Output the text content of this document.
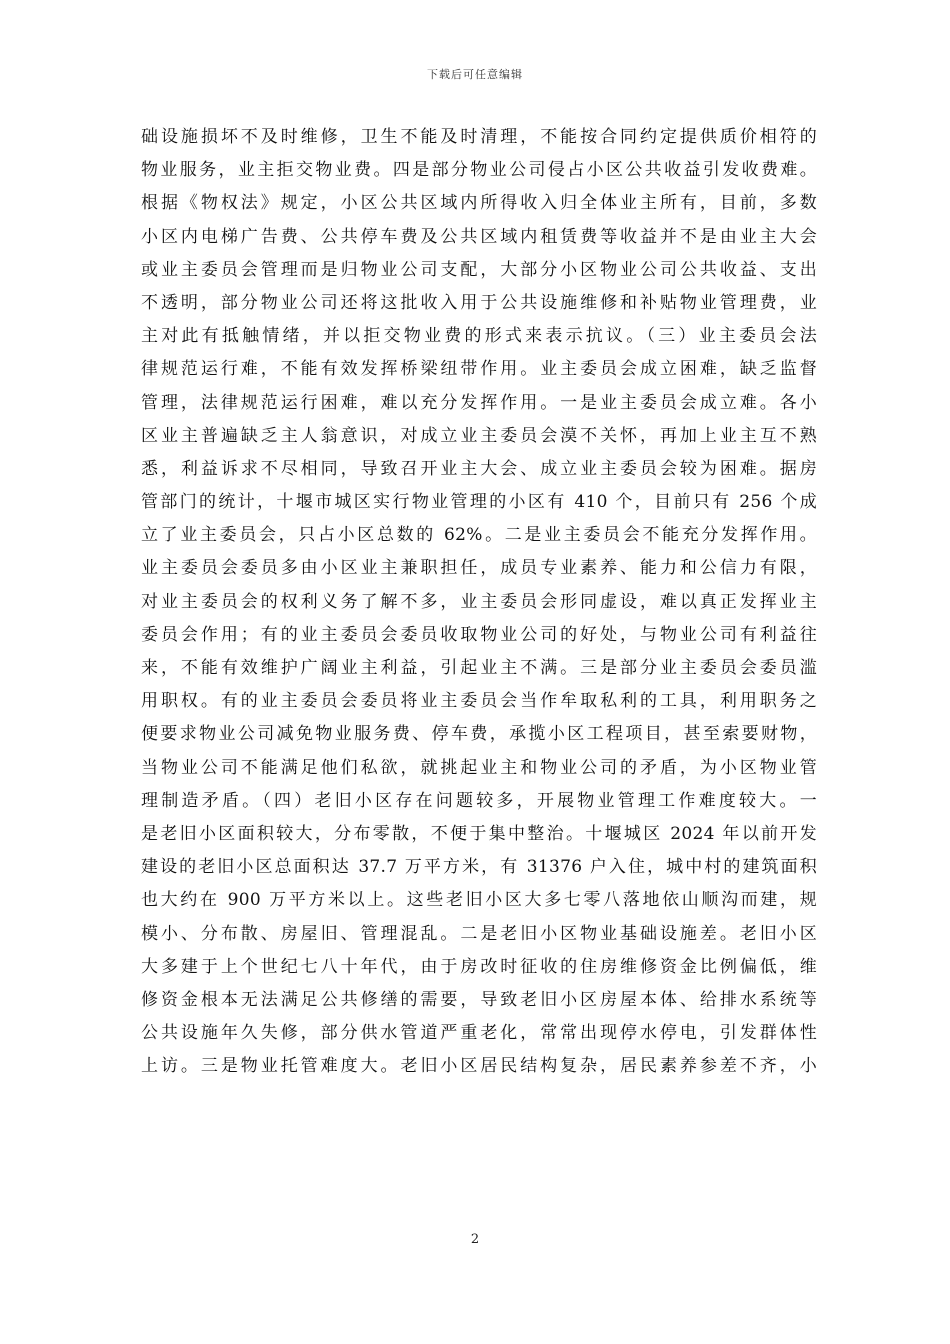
下载后可任意编辑
础设施损坏不及时维修，卫生不能及时清理，不能按合同约定提供质价相符的
物业服务，业主拒交物业费。四是部分物业公司侵占小区公共收益引发收费难。
根据《物权法》规定，小区公共区域内所得收入归全体业主所有，目前，多数
小区内电梯广告费、公共停车费及公共区域内租赁费等收益并不是由业主大会
或业主委员会管理而是归物业公司支配，大部分小区物业公司公共收益、支出
不透明，部分物业公司还将这批收入用于公共设施维修和补贴物业管理费，业
主对此有抵触情绪，并以拒交物业费的形式来表示抗议。（三）业主委员会法
律规范运行难，不能有效发挥桥梁纽带作用。业主委员会成立困难，缺乏监督
管理，法律规范运行困难，难以充分发挥作用。一是业主委员会成立难。各小
区业主普遍缺乏主人翁意识，对成立业主委员会漠不关怀，再加上业主互不熟
悉，利益诉求不尽相同，导致召开业主大会、成立业主委员会较为困难。据房
管部门的统计，十堰市城区实行物业管理的小区有 410 个，目前只有 256 个成
立了业主委员会，只占小区总数的 62%。二是业主委员会不能充分发挥作用。
业主委员会委员多由小区业主兼职担任，成员专业素养、能力和公信力有限，
对业主委员会的权利义务了解不多，业主委员会形同虚设，难以真正发挥业主
委员会作用；有的业主委员会委员收取物业公司的好处，与物业公司有利益往
来，不能有效维护广阔业主利益，引起业主不满。三是部分业主委员会委员滥
用职权。有的业主委员会委员将业主委员会当作牟取私利的工具，利用职务之
便要求物业公司减免物业服务费、停车费，承揽小区工程项目，甚至索要财物，
当物业公司不能满足他们私欲，就挑起业主和物业公司的矛盾，为小区物业管
理制造矛盾。（四）老旧小区存在问题较多，开展物业管理工作难度较大。一
是老旧小区面积较大，分布零散，不便于集中整治。十堰城区 2024 年以前开发
建设的老旧小区总面积达 37.7 万平方米，有 31376 户入住，城中村的建筑面积
也大约在 900 万平方米以上。这些老旧小区大多七零八落地依山顺沟而建，规
模小、分布散、房屋旧、管理混乱。二是老旧小区物业基础设施差。老旧小区
大多建于上个世纪七八十年代，由于房改时征收的住房维修资金比例偏低，维
修资金根本无法满足公共修缮的需要，导致老旧小区房屋本体、给排水系统等
公共设施年久失修，部分供水管道严重老化，常常出现停水停电，引发群体性
上访。三是物业托管难度大。老旧小区居民结构复杂，居民素养参差不齐，小
2
